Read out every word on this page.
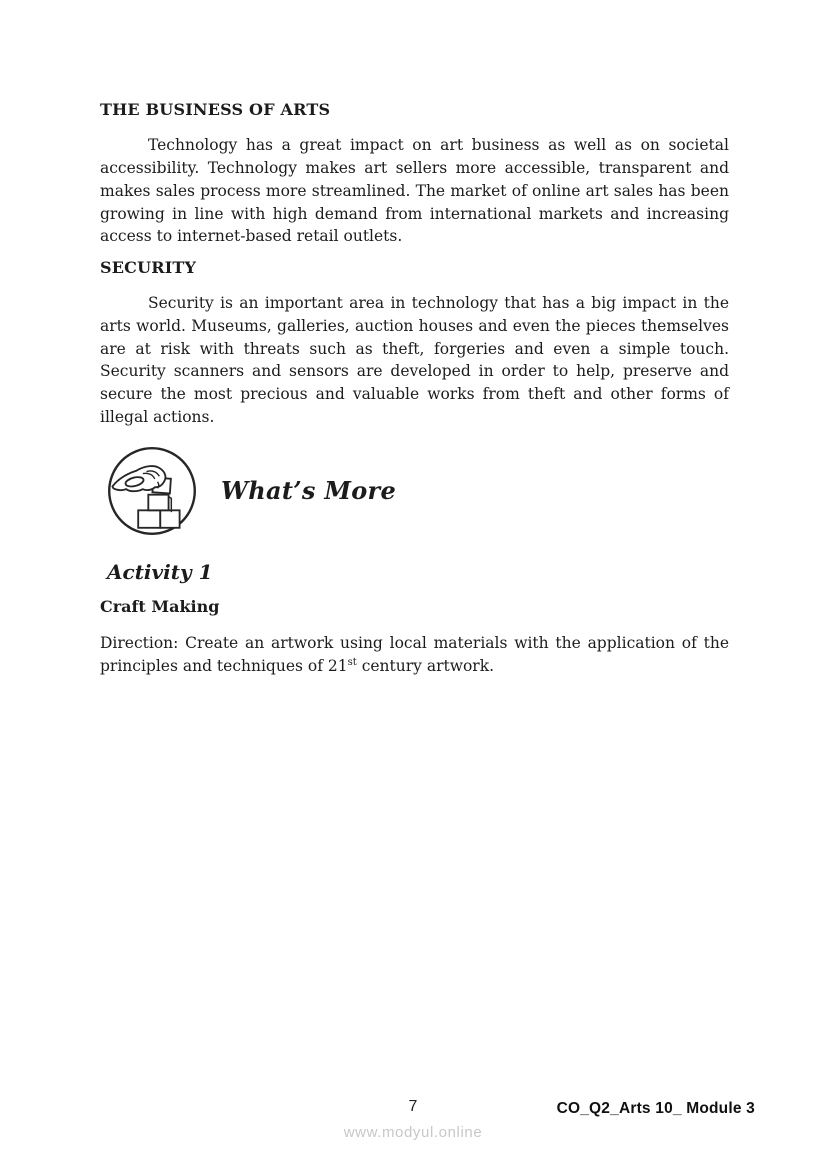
THE BUSINESS OF ARTS

Technology has a great impact on art business as well as on societal accessibility. Technology makes art sellers more accessible, transparent and makes sales process more streamlined. The market of online art sales has been growing in line with high demand from international markets and increasing access to internet-based retail outlets.

SECURITY

Security is an important area in technology that has a big impact in the arts world. Museums, galleries, auction houses and even the pieces themselves are at risk with threats such as theft, forgeries and even a simple touch. Security scanners and sensors are developed in order to help, preserve and secure the most precious and valuable works from theft and other forms of illegal actions.

What’s More
Activity 1
Craft Making

Direction: Create an artwork using local materials with the application of the principles and techniques of 21st century artwork.

7	CO_Q2_Arts 10_ Module 3
www.modyul.online
